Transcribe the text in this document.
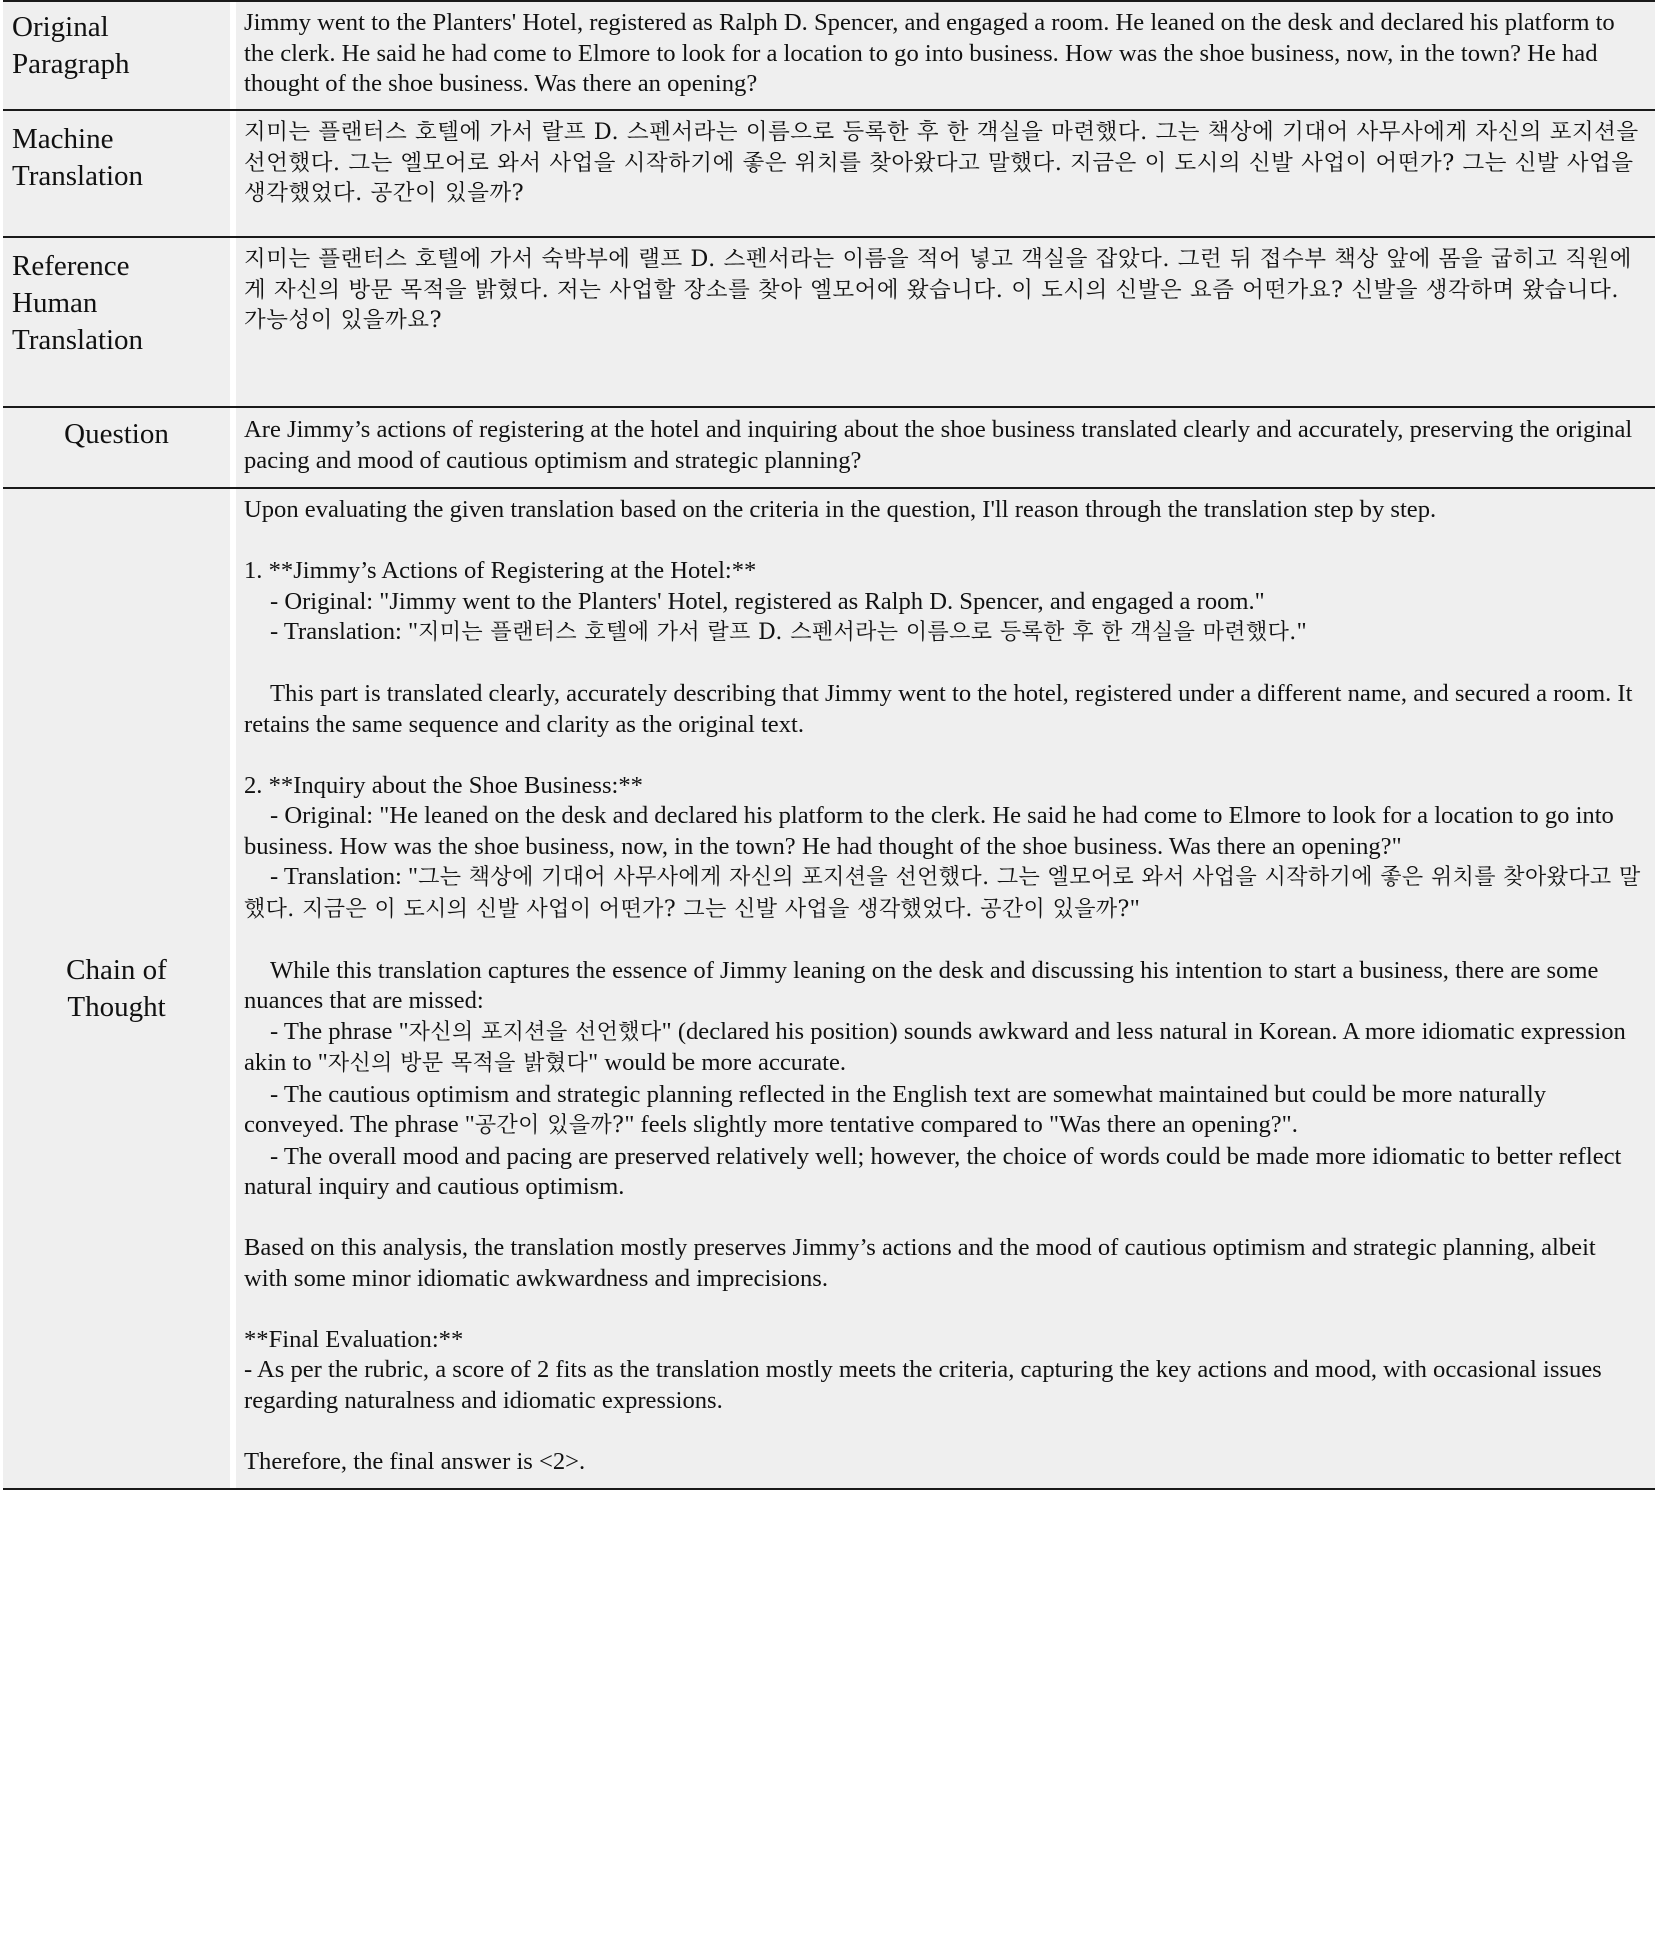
Original
Paragraph
Jimmy went to the Planters' Hotel, registered as Ralph D. Spencer, and engaged a room. He leaned on the desk and declared his platform to the clerk. He said he had come to Elmore to look for a location to go into business. How was the shoe business, now, in the town? He had thought of the shoe business. Was there an opening?
Machine
Translation
지미는 플랜터스 호텔에 가서 랄프 D. 스펜서라는 이름으로 등록한 후 한 객실을 마련했다. 그는 책상에 기대어 사무사에게 자신의 포지션을 선언했다. 그는 엘모어로 와서 사업을 시작하기에 좋은 위치를 찾아왔다고 말했다. 지금은 이 도시의 신발 사업이 어떤가? 그는 신발 사업을 생각했었다. 공간이 있을까?
Reference
Human
Translation
지미는 플랜터스 호텔에 가서 숙박부에 랠프 D. 스펜서라는 이름을 적어 넣고 객실을 잡았다. 그런 뒤 접수부 책상 앞에 몸을 굽히고 직원에게 자신의 방문 목적을 밝혔다. 저는 사업할 장소를 찾아 엘모어에 왔습니다. 이 도시의 신발은 요즘 어떤가요? 신발을 생각하며 왔습니다. 가능성이 있을까요?
Question	Are Jimmy’s actions of registering at the hotel and inquiring about the shoe business translated clearly and accurately, preserving the original pacing and mood of cautious optimism and strategic planning?
Chain of
Thought

Upon evaluating the given translation based on the criteria in the question, I'll reason through the translation step by step.

1. **Jimmy’s Actions of Registering at the Hotel:**

- Original: "Jimmy went to the Planters' Hotel, registered as Ralph D. Spencer, and engaged a room."

- Translation: "지미는 플랜터스 호텔에 가서 랄프 D. 스펜서라는 이름으로 등록한 후 한 객실을 마련했다."

This part is translated clearly, accurately describing that Jimmy went to the hotel, registered under a different name, and secured a room. It retains the same sequence and clarity as the original text.

2. **Inquiry about the Shoe Business:**

- Original: "He leaned on the desk and declared his platform to the clerk. He said he had come to Elmore to look for a location to go into business. How was the shoe business, now, in the town? He had thought of the shoe business. Was there an opening?"

- Translation: "그는 책상에 기대어 사무사에게 자신의 포지션을 선언했다. 그는 엘모어로 와서 사업을 시작하기에 좋은 위치를 찾아왔다고 말했다. 지금은 이 도시의 신발 사업이 어떤가? 그는 신발 사업을 생각했었다. 공간이 있을까?"

While this translation captures the essence of Jimmy leaning on the desk and discussing his intention to start a business, there are some nuances that are missed:

- The phrase "자신의 포지션을 선언했다" (declared his position) sounds awkward and less natural in Korean. A more idiomatic expression akin to "자신의 방문 목적을 밝혔다" would be more accurate.

- The cautious optimism and strategic planning reflected in the English text are somewhat maintained but could be more naturally conveyed. The phrase "공간이 있을까?" feels slightly more tentative compared to "Was there an opening?".

- The overall mood and pacing are preserved relatively well; however, the choice of words could be made more idiomatic to better reflect natural inquiry and cautious optimism.

Based on this analysis, the translation mostly preserves Jimmy’s actions and the mood of cautious optimism and strategic planning, albeit with some minor idiomatic awkwardness and imprecisions.

**Final Evaluation:**

- As per the rubric, a score of 2 fits as the translation mostly meets the criteria, capturing the key actions and mood, with occasional issues regarding naturalness and idiomatic expressions.

Therefore, the final answer is <2>.
